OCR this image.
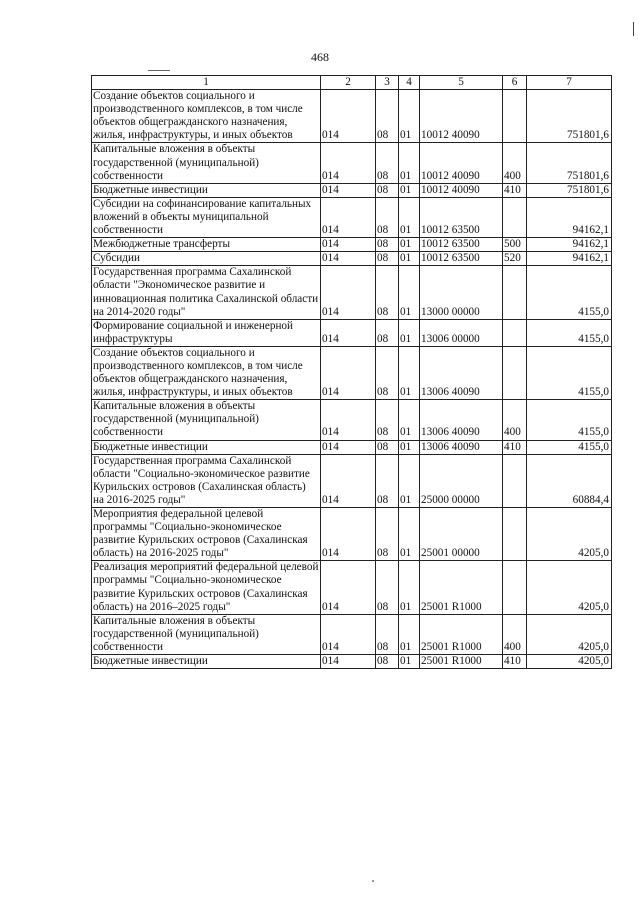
468
1	2	3	4	5	6	7
Создание объектов социального и производственного комплексов, в том числе объектов общегражданского назначения, жилья, инфраструктуры, и иных объектов	014	08	01	10012 40090		751801,6
Капитальные вложения в объекты государственной (муниципальной) собственности	014	08	01	10012 40090	400	751801,6
Бюджетные инвестиции	014	08	01	10012 40090	410	751801,6
Субсидии на софинансирование капитальных вложений в объекты муниципальной собственности	014	08	01	10012 63500		94162,1
Межбюджетные трансферты	014	08	01	10012 63500	500	94162,1
Субсидии	014	08	01	10012 63500	520	94162,1
Государственная программа Сахалинской области "Экономическое развитие и инновационная политика Сахалинской области на 2014-2020 годы"	014	08	01	13000 00000		4155,0
Формирование социальной и инженерной инфраструктуры	014	08	01	13006 00000		4155,0
Создание объектов социального и производственного комплексов, в том числе объектов общегражданского назначения, жилья, инфраструктуры, и иных объектов	014	08	01	13006 40090		4155,0
Капитальные вложения в объекты государственной (муниципальной) собственности	014	08	01	13006 40090	400	4155,0
Бюджетные инвестиции	014	08	01	13006 40090	410	4155,0
Государственная программа Сахалинской области "Социально-экономическое развитие Курильских островов (Сахалинская область) на 2016-2025 годы"	014	08	01	25000 00000		60884,4
Мероприятия федеральной целевой программы "Социально-экономическое развитие Курильских островов (Сахалинская область) на 2016-2025 годы"	014	08	01	25001 00000		4205,0
Реализация мероприятий федеральной целевой программы "Социально-экономическое развитие Курильских островов (Сахалинская область) на 2016–2025 годы"	014	08	01	25001 R1000		4205,0
Капитальные вложения в объекты государственной (муниципальной) собственности	014	08	01	25001 R1000	400	4205,0
Бюджетные инвестиции	014	08	01	25001 R1000	410	4205,0
